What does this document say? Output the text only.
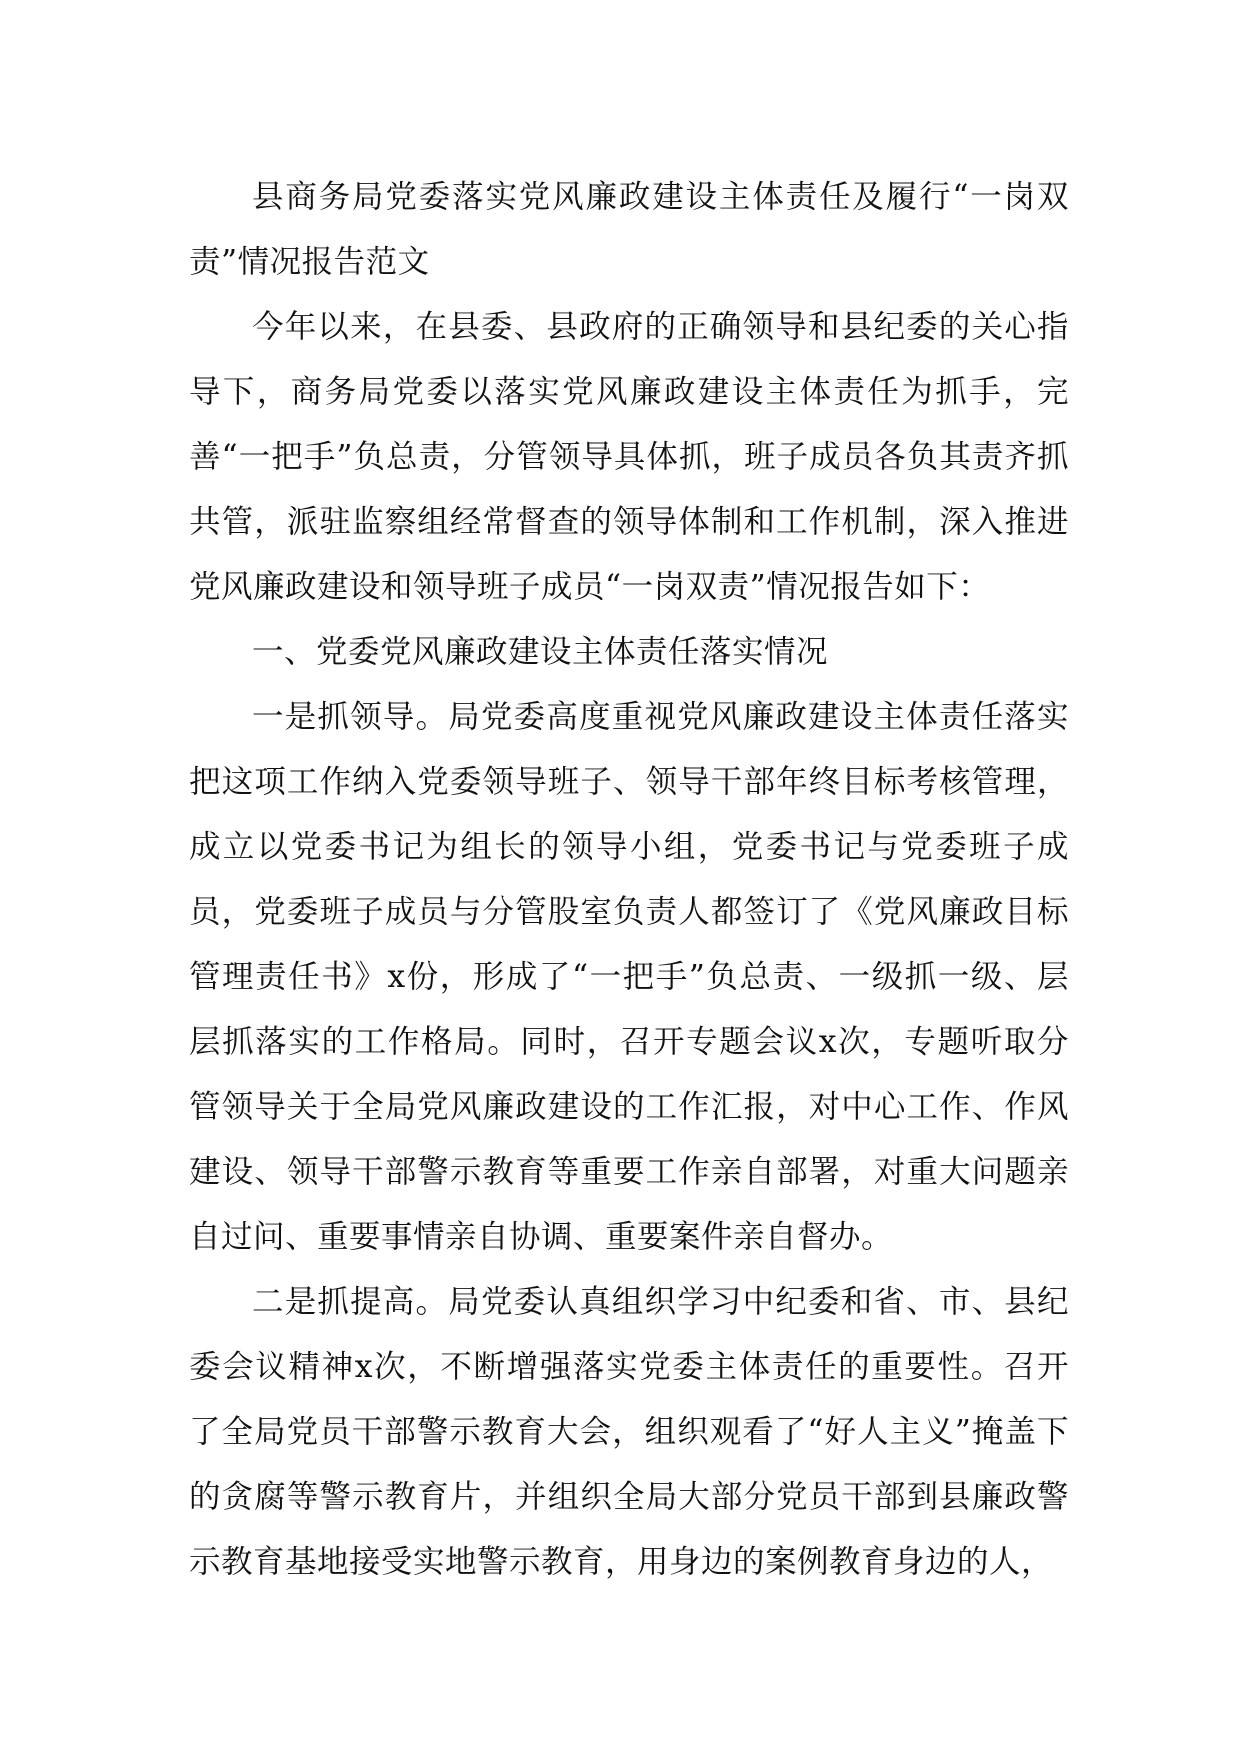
县商务局党委落实党风廉政建设主体责任及履行“一岗双责”情况报告范文

今年以来，在县委、县政府的正确领导和县纪委的关心指导下，商务局党委以落实党风廉政建设主体责任为抓手，完善“一把手”负总责，分管领导具体抓，班子成员各负其责齐抓共管，派驻监察组经常督查的领导体制和工作机制，深入推进党风廉政建设和领导班子成员“一岗双责”情况报告如下：

一、党委党风廉政建设主体责任落实情况

一是抓领导。局党委高度重视党风廉政建设主体责任落实把这项工作纳入党委领导班子、领导干部年终目标考核管理，成立以党委书记为组长的领导小组，党委书记与党委班子成员，党委班子成员与分管股室负责人都签订了《党风廉政目标管理责任书》x份，形成了“一把手”负总责、一级抓一级、层层抓落实的工作格局。同时，召开专题会议x次，专题听取分管领导关于全局党风廉政建设的工作汇报，对中心工作、作风建设、领导干部警示教育等重要工作亲自部署，对重大问题亲自过问、重要事情亲自协调、重要案件亲自督办。

二是抓提高。局党委认真组织学习中纪委和省、市、县纪委会议精神x次，不断增强落实党委主体责任的重要性。召开了全局党员干部警示教育大会，组织观看了“好人主义”掩盖下的贪腐等警示教育片，并组织全局大部分党员干部到县廉政警示教育基地接受实地警示教育，用身边的案例教育身边的人，
